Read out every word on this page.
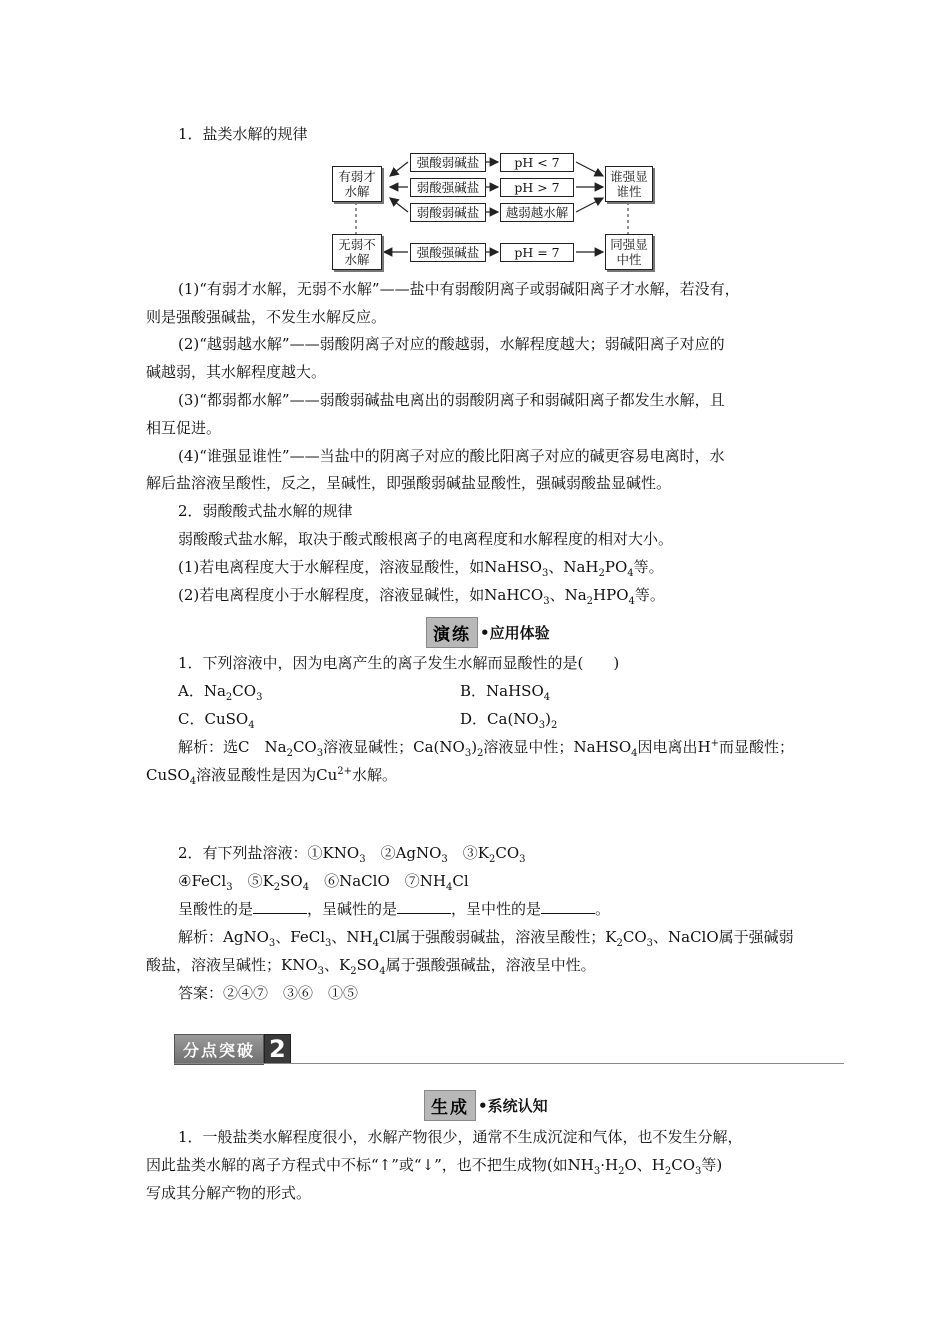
1．盐类水解的规律
有弱才水解
无弱不水解
强酸弱碱盐
弱酸强碱盐
弱酸弱碱盐
强酸强碱盐
pH < 7
pH > 7
越弱越水解
pH = 7
谁强显谁性
同强显中性
(1)“有弱才水解，无弱不水解”——盐中有弱酸阴离子或弱碱阳离子才水解，若没有，
则是强酸强碱盐，不发生水解反应。
(2)“越弱越水解”——弱酸阴离子对应的酸越弱，水解程度越大；弱碱阳离子对应的
碱越弱，其水解程度越大。
(3)“都弱都水解”——弱酸弱碱盐电离出的弱酸阴离子和弱碱阳离子都发生水解，且
相互促进。
(4)“谁强显谁性”——当盐中的阴离子对应的酸比阳离子对应的碱更容易电离时，水
解后盐溶液呈酸性，反之，呈碱性，即强酸弱碱盐显酸性，强碱弱酸盐显碱性。
2．弱酸酸式盐水解的规律
弱酸酸式盐水解，取决于酸式酸根离子的电离程度和水解程度的相对大小。
(1)若电离程度大于水解程度，溶液显酸性，如NaHSO$_3$、$NaH_2PO_4$等。
(2)若电离程度小于水解程度，溶液显碱性，如NaHCO$_3$、$Na_2HPO_4$等。
演练 •应用体验
1．下列溶液中，因为电离产生的离子发生水解而显酸性的是(　　)
A．$Na_2CO_3$	B．NaHSO$_4$
C．CuSO$_4$	D．$Ca(NO_3)_2$
解析：选C　$Na_2CO_3$溶液显碱性；$Ca(NO_3)_2$溶液显中性；NaHSO$_4$因电离出H+而显酸性；
CuSO$_4$溶液显酸性是因为$Cu^{2+}$水解。
2．有下列盐溶液：$①KNO_3$　②AgNO$_3$　$③K_2CO_3$
④FeCl$_3$　$⑤K_2SO_4$　⑥NaClO　$⑦NH_4Cl$
呈酸性的是	，呈碱性的是	，呈中性的是	。
解析：AgNO$_3$、FeCl$_3$、$NH_4Cl$属于强酸弱碱盐，溶液呈酸性；$K_2CO_3$、NaClO属于强碱弱
酸盐，溶液呈碱性；$KNO_3$、$K_2SO_4$属于强酸强碱盐，溶液呈中性。
答案：②④⑦　③⑥　①⑤
分点突破 2
生成 •系统认知
1．一般盐类水解程度很小，水解产物很少，通常不生成沉淀和气体，也不发生分解，
因此盐类水解的离子方程式中不标“↑”或“↓”，也不把生成物(如$NH_3\cdot H_2O$、$H_2CO_3$等)
写成其分解产物的形式。
